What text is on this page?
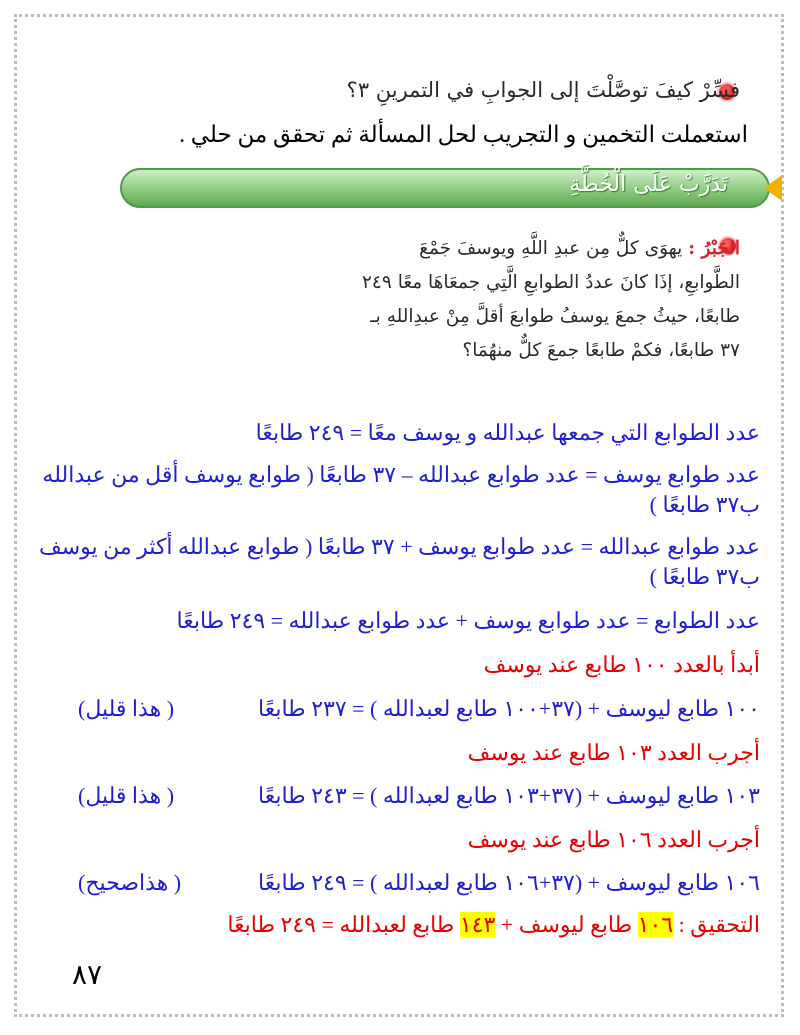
فسِّرْ كيفَ توصَّلْتَ إلى الجوابِ في التمرينِ ٣؟
استعملت التخمين و التجريب لحل المسألة ثم تحقق من حلي .
تَدَرَّبْ عَلَى الْخُطَّةِ
الجَبْرُ : يهوَى كلٌّ مِن عبدِ اللَّهِ ويوسفَ جَمْعَ الطَّوابعِ، إذَا كانَ عددُ الطوابعِ الَّتِي جمعَاهَا معًا ٢٤٩ طابعًا، حيثُ جمعَ يوسفُ طوابعَ أقلَّ مِنْ عبدِاللهِ بـ ٣٧ طابعًا، فكمْ طابعًا جمعَ كلٌّ منهُمَا؟
عدد الطوابع التي جمعها عبدالله و يوسف معًا = ٢٤٩ طابعًا
عدد طوابع يوسف = عدد طوابع عبدالله – ٣٧ طابعًا ( طوابع يوسف أقل من عبدالله
ب٣٧ طابعًا )
عدد طوابع عبدالله = عدد طوابع يوسف + ٣٧ طابعًا ( طوابع عبدالله أكثر من يوسف
ب٣٧ طابعًا )
عدد الطوابع = عدد طوابع يوسف + عدد طوابع عبدالله = ٢٤٩ طابعًا
أبدأ بالعدد ١٠٠ طابع عند يوسف
١٠٠ طابع ليوسف + (٣٧+١٠٠ طابع لعبدالله ) = ٢٣٧ طابعًا
( هذا قليل)
أجرب العدد ١٠٣ طابع عند يوسف
١٠٣ طابع ليوسف + (٣٧+١٠٣ طابع لعبدالله ) = ٢٤٣ طابعًا
( هذا قليل)
أجرب العدد ١٠٦ طابع عند يوسف
١٠٦ طابع ليوسف + (٣٧+١٠٦ طابع لعبدالله ) = ٢٤٩ طابعًا
( هذاصحيح)
التحقيق : ١٠٦ طابع ليوسف + ١٤٣ طابع لعبدالله = ٢٤٩ طابعًا
٨٧
